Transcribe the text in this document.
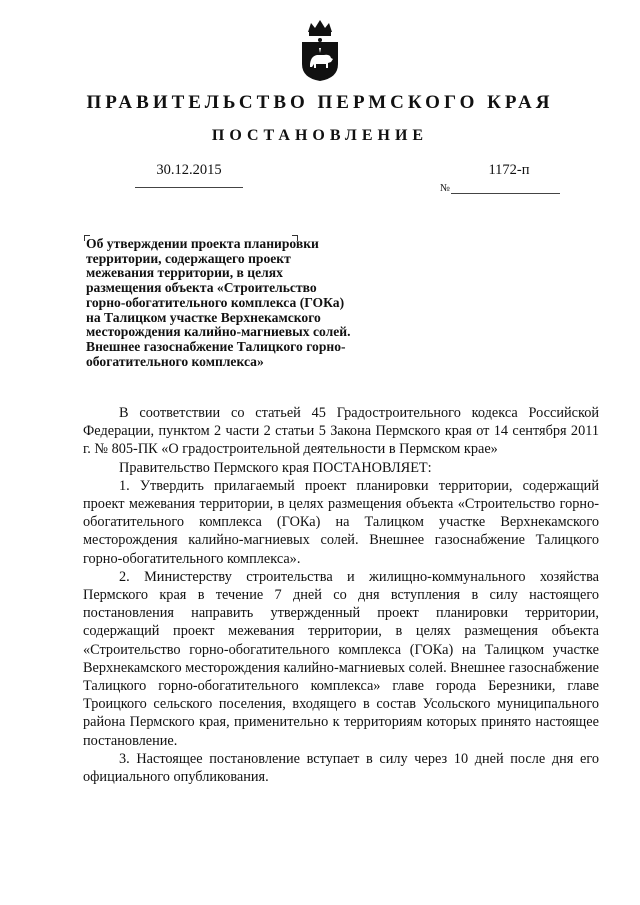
ПРАВИТЕЛЬСТВО ПЕРМСКОГО КРАЯ
ПОСТАНОВЛЕНИЕ
30.12.2015	1172-п
№
Об утверждении проекта планировки территории, содержащего проект межевания территории, в целях размещения объекта «Строительство горно-обогатительного комплекса (ГОКа) на Талицком участке Верхнекамского месторождения калийно-магниевых солей. Внешнее газоснабжение Талицкого горно-обогатительного комплекса»

В соответствии со статьей 45 Градостроительного кодекса Российской Федерации, пунктом 2 части 2 статьи 5 Закона Пермского края от 14 сентября 2011 г. № 805-ПК «О градостроительной деятельности в Пермском крае»

Правительство Пермского края ПОСТАНОВЛЯЕТ:

1. Утвердить прилагаемый проект планировки территории, содержащий проект межевания территории, в целях размещения объекта «Строительство горно-обогатительного комплекса (ГОКа) на Талицком участке Верхнекамского месторождения калийно-магниевых солей. Внешнее газоснабжение Талицкого горно-обогатительного комплекса».

2. Министерству строительства и жилищно-коммунального хозяйства Пермского края в течение 7 дней со дня вступления в силу настоящего постановления направить утвержденный проект планировки территории, содержащий проект межевания территории, в целях размещения объекта «Строительство горно-обогатительного комплекса (ГОКа) на Талицком участке Верхнекамского месторождения калийно-магниевых солей. Внешнее газоснабжение Талицкого горно-обогатительного комплекса» главе города Березники, главе Троицкого сельского поселения, входящего в состав Усольского муниципального района Пермского края, применительно к территориям которых принято настоящее постановление.

3. Настоящее постановление вступает в силу через 10 дней после дня его официального опубликования.
